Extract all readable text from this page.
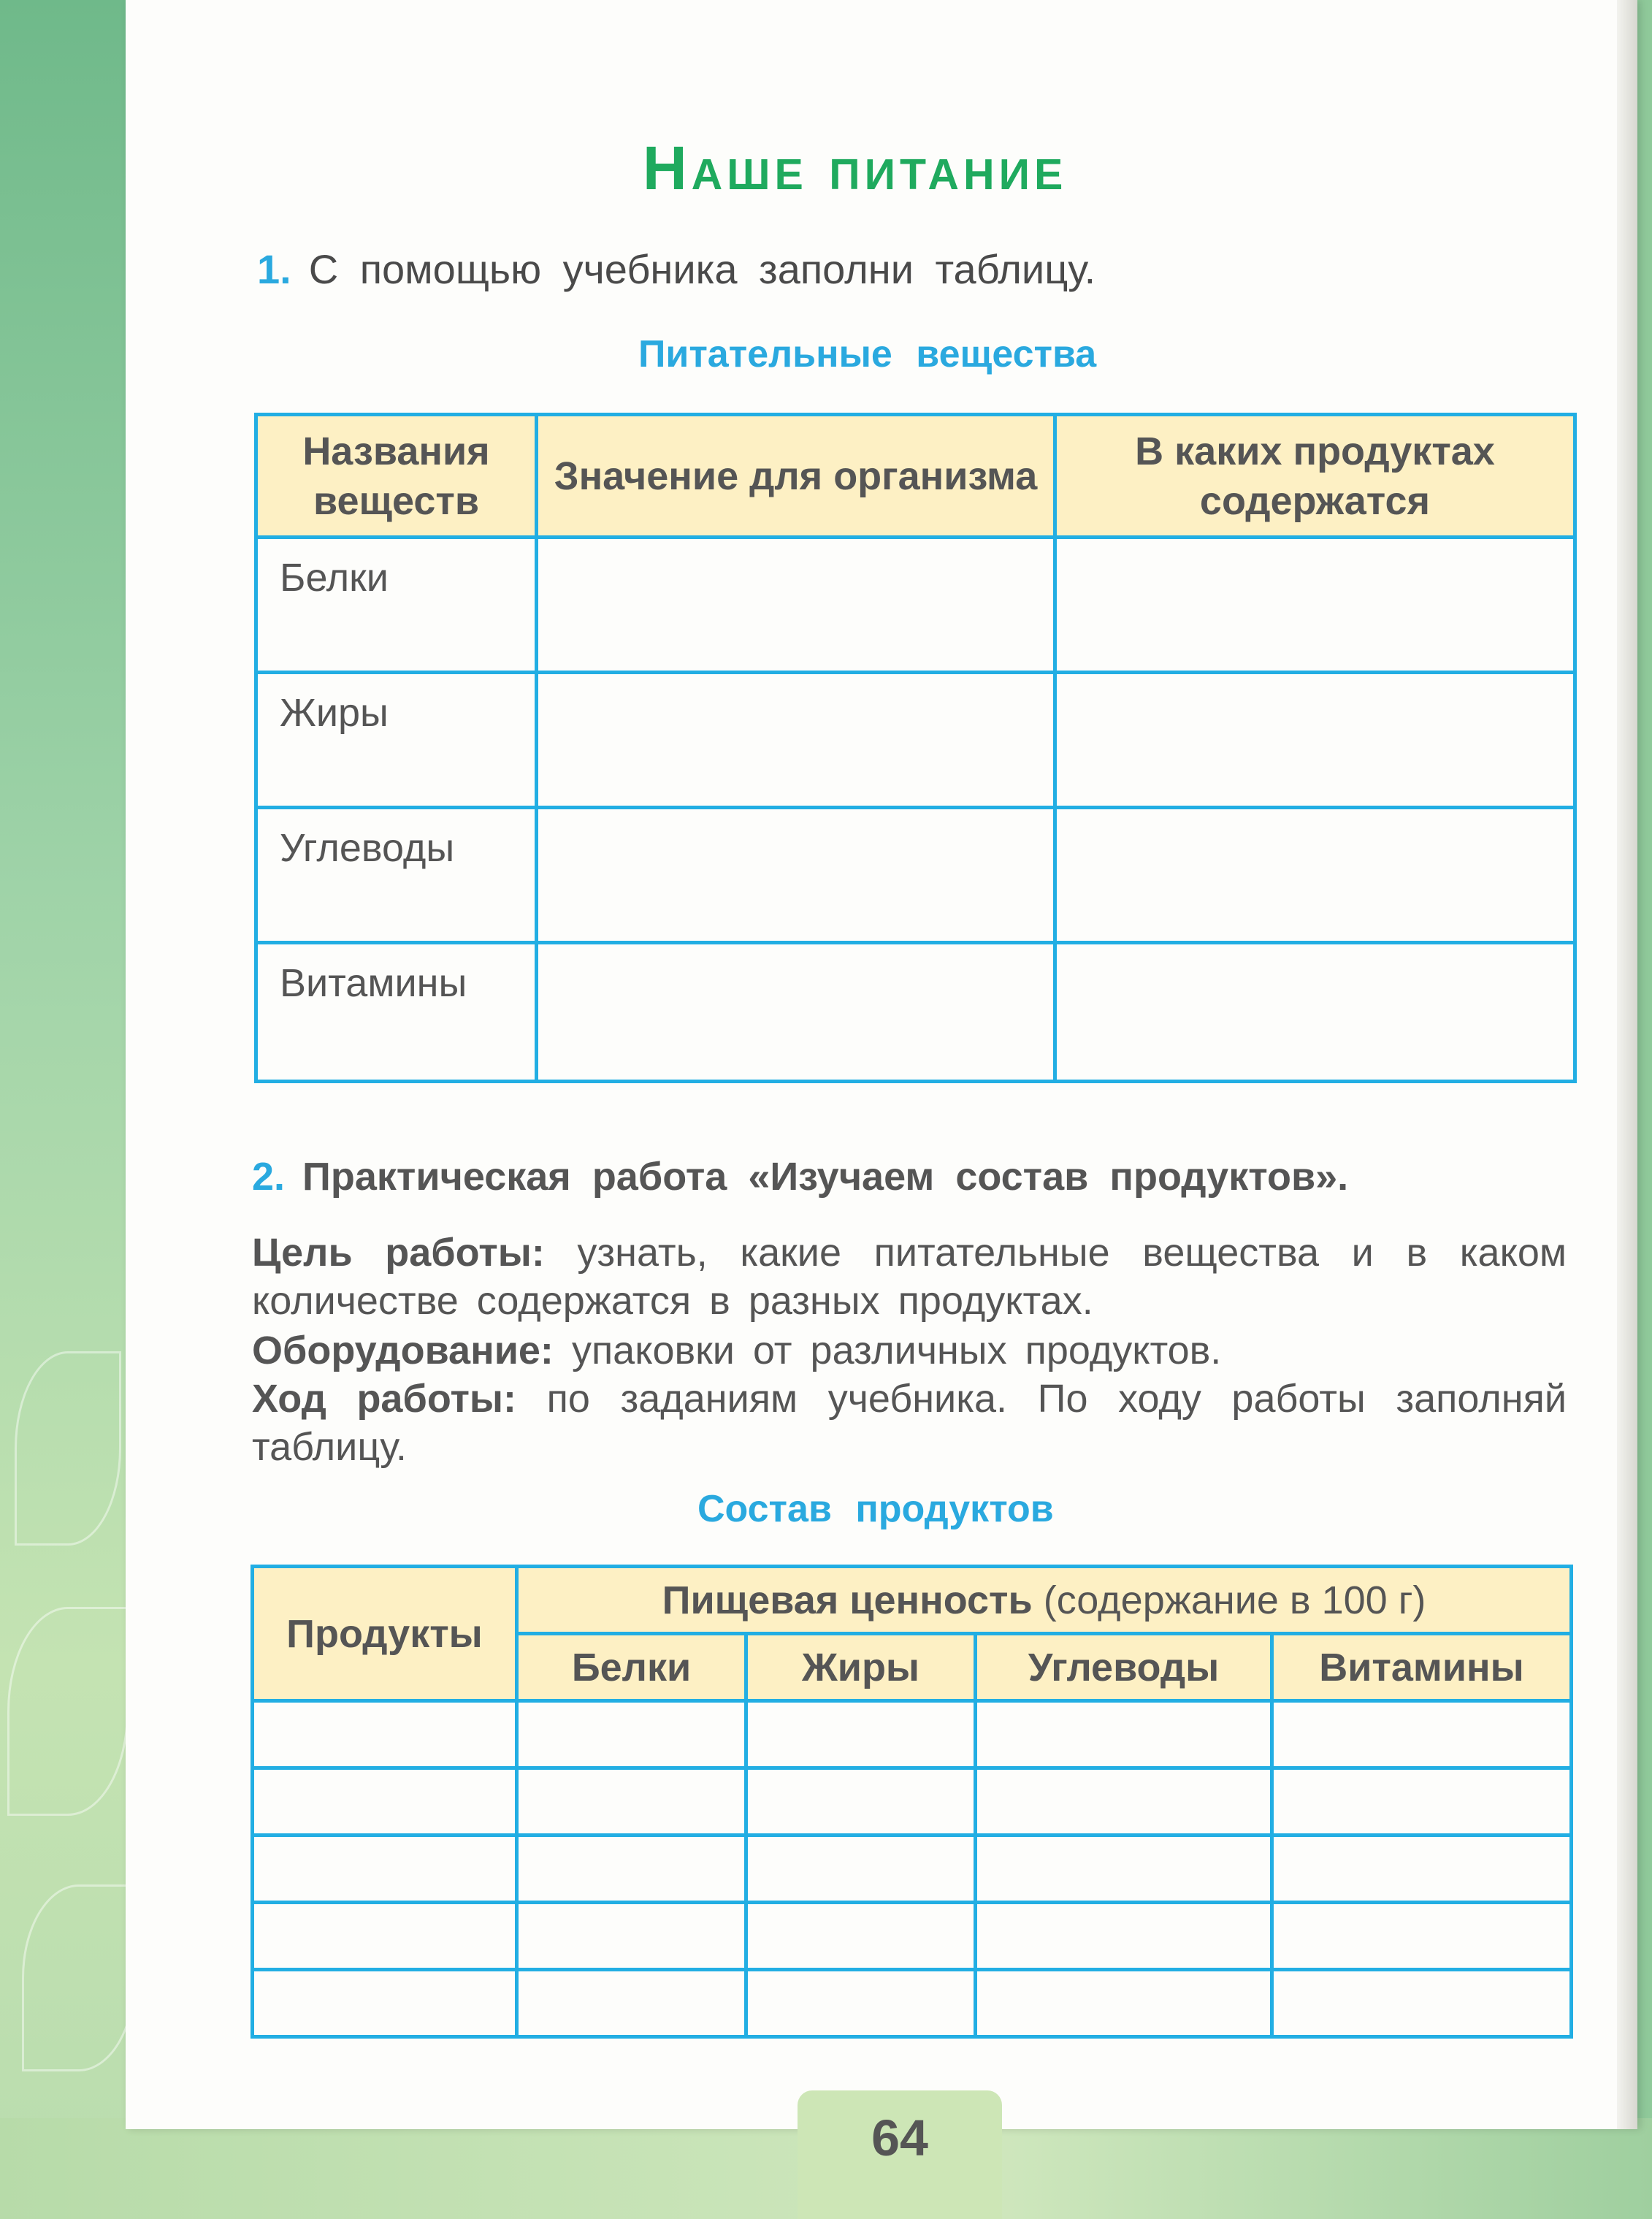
Наше питание
1. С помощью учебника заполни таблицу.
Питательные вещества
Названия веществ	Значение для организма	В каких продуктах содержатся

Белки		

Жиры		

Углеводы		

Витамины		

2. Практическая работа «Изучаем состав продуктов».
Цель работы: узнать, какие питательные вещества и в каком количестве содержатся в разных продуктах.
Оборудование: упаковки от различных продуктов.
Ход работы: по заданиям учебника. По ходу работы заполняй таблицу.
Состав продуктов
Продукты	Пищевая ценность (содержание в 100 г)			
	Белки	Жиры	Углеводы	Витамины

64
